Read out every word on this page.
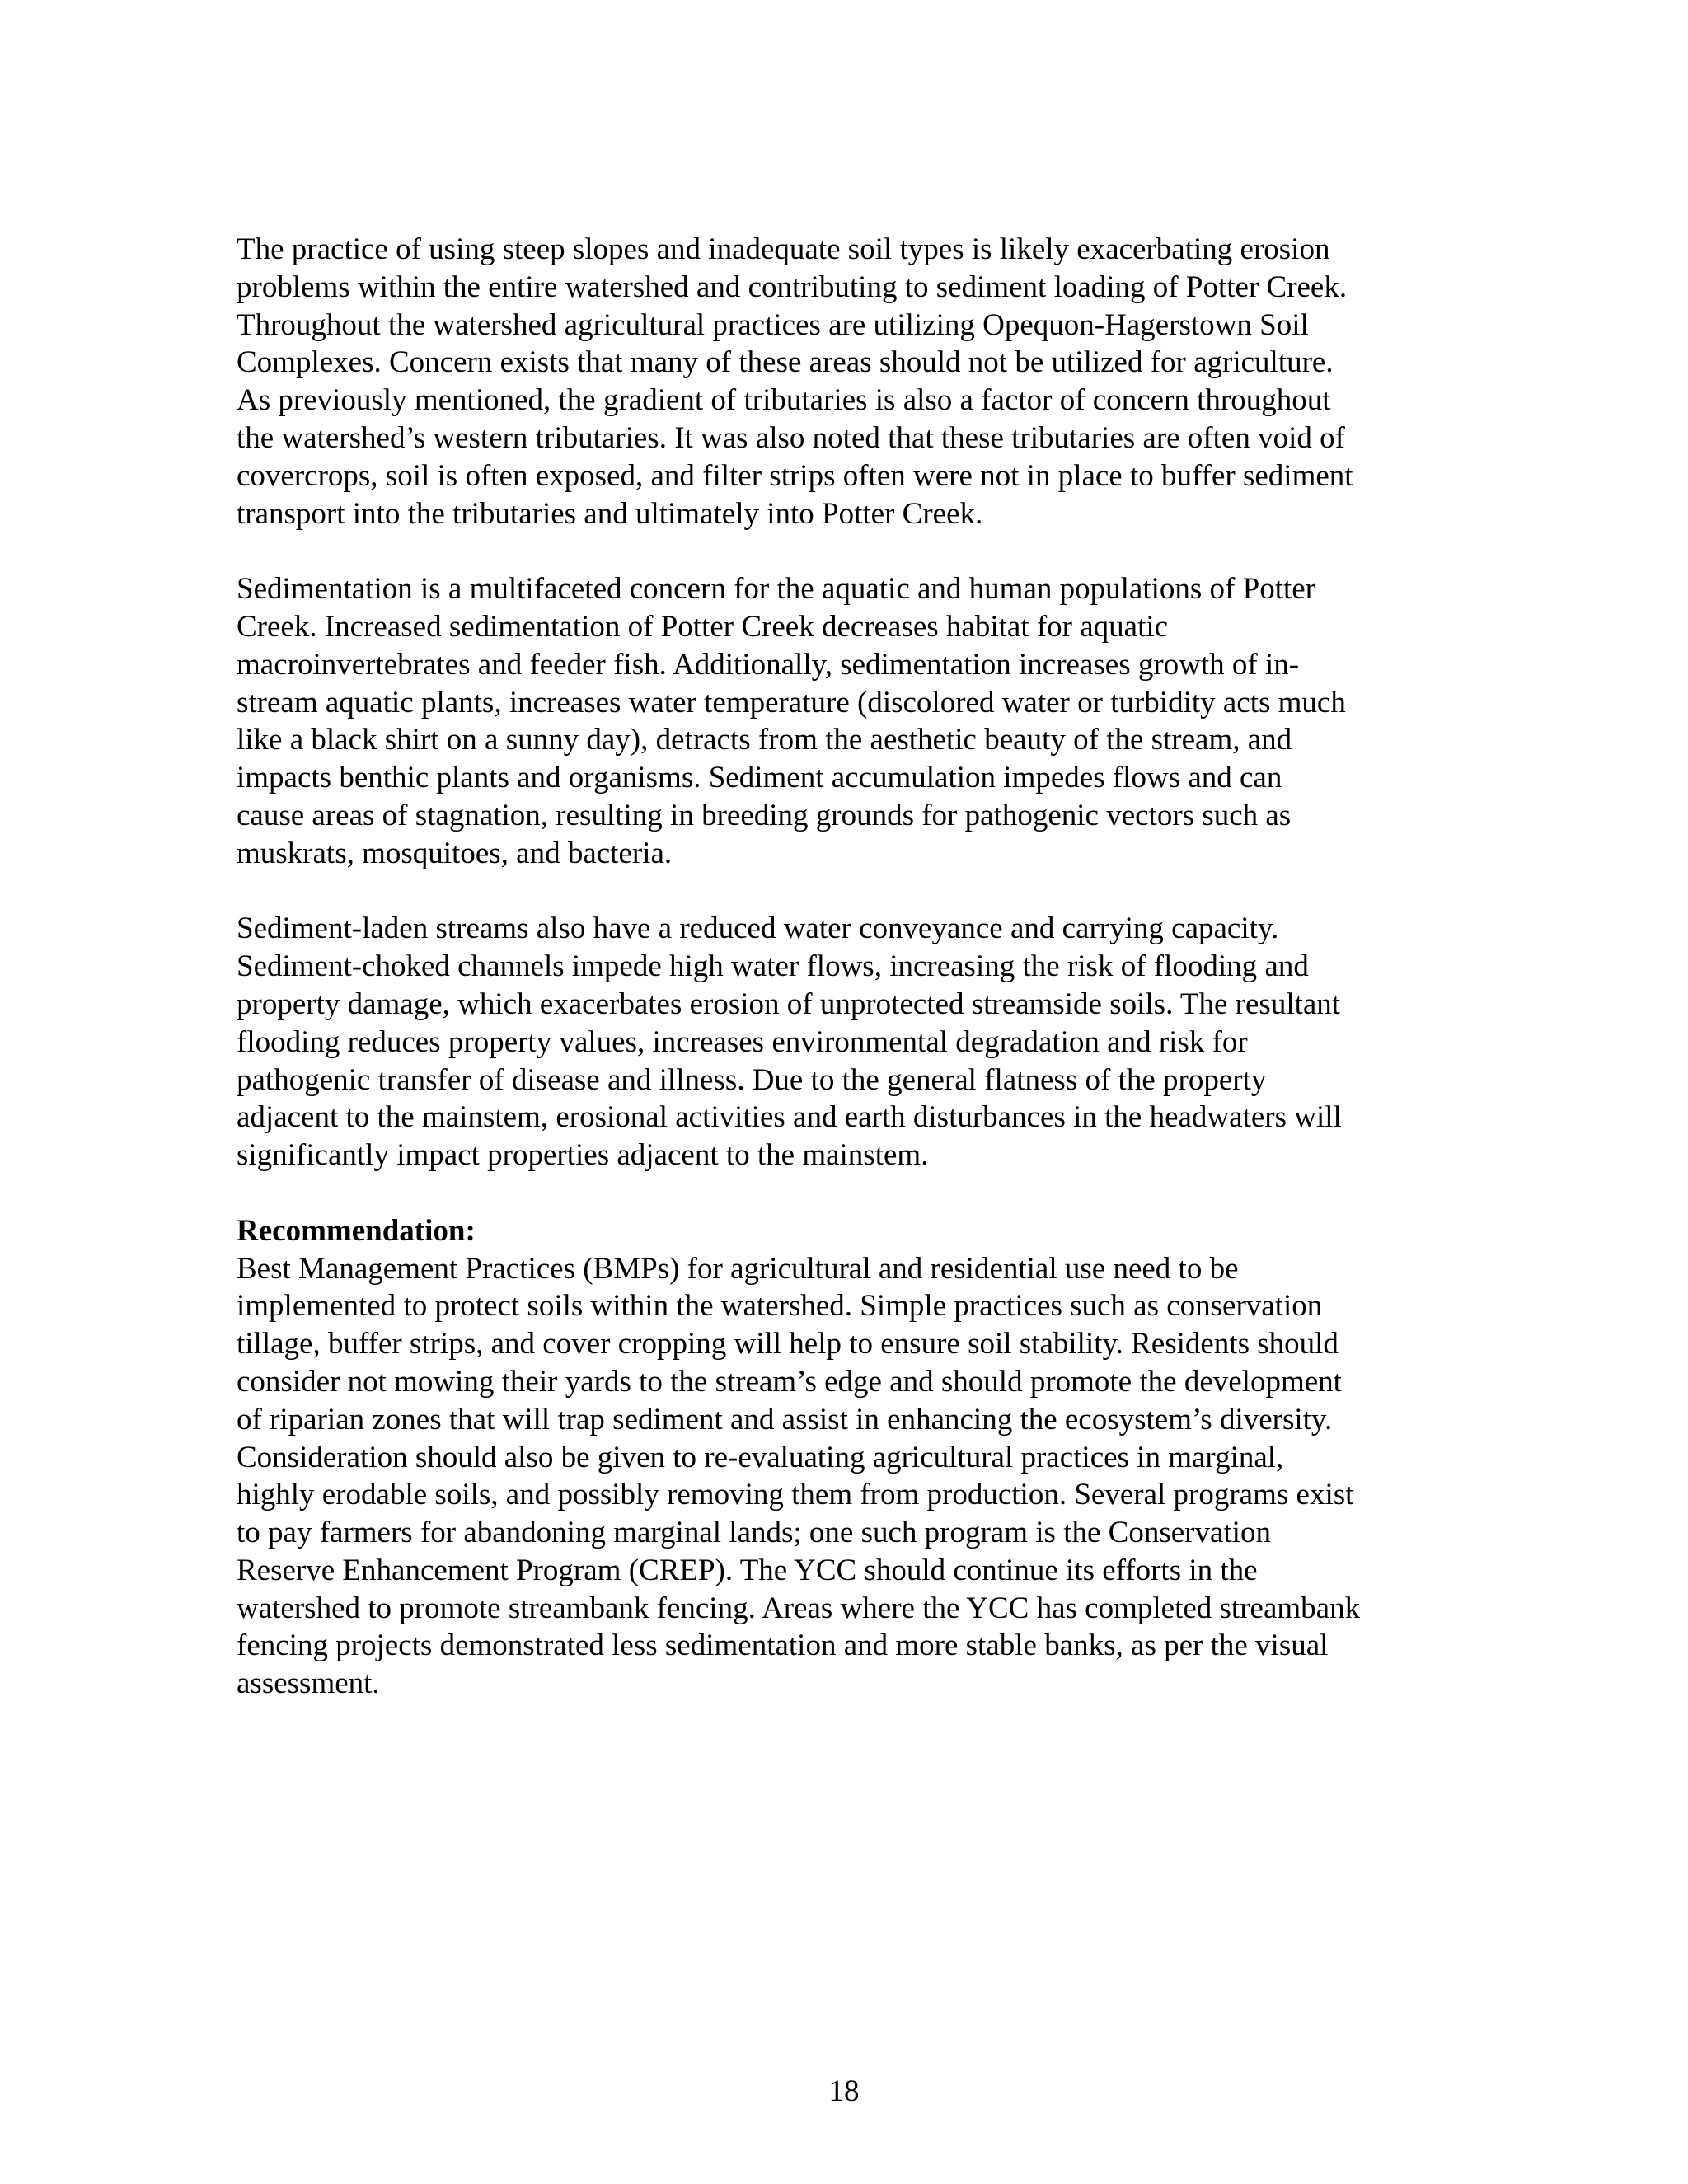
The practice of using steep slopes and inadequate soil types is likely exacerbating erosion
problems within the entire watershed and contributing to sediment loading of Potter Creek.
Throughout the watershed agricultural practices are utilizing Opequon-Hagerstown Soil
Complexes. Concern exists that many of these areas should not be utilized for agriculture.
As previously mentioned, the gradient of tributaries is also a factor of concern throughout
the watershed’s western tributaries. It was also noted that these tributaries are often void of
covercrops, soil is often exposed, and filter strips often were not in place to buffer sediment
transport into the tributaries and ultimately into Potter Creek.
Sedimentation is a multifaceted concern for the aquatic and human populations of Potter
Creek. Increased sedimentation of Potter Creek decreases habitat for aquatic
macroinvertebrates and feeder fish. Additionally, sedimentation increases growth of in-
stream aquatic plants, increases water temperature (discolored water or turbidity acts much
like a black shirt on a sunny day), detracts from the aesthetic beauty of the stream, and
impacts benthic plants and organisms. Sediment accumulation impedes flows and can
cause areas of stagnation, resulting in breeding grounds for pathogenic vectors such as
muskrats, mosquitoes, and bacteria.
Sediment-laden streams also have a reduced water conveyance and carrying capacity.
Sediment-choked channels impede high water flows, increasing the risk of flooding and
property damage, which exacerbates erosion of unprotected streamside soils. The resultant
flooding reduces property values, increases environmental degradation and risk for
pathogenic transfer of disease and illness. Due to the general flatness of the property
adjacent to the mainstem, erosional activities and earth disturbances in the headwaters will
significantly impact properties adjacent to the mainstem.
Recommendation:
Best Management Practices (BMPs) for agricultural and residential use need to be
implemented to protect soils within the watershed. Simple practices such as conservation
tillage, buffer strips, and cover cropping will help to ensure soil stability. Residents should
consider not mowing their yards to the stream’s edge and should promote the development
of riparian zones that will trap sediment and assist in enhancing the ecosystem’s diversity.
Consideration should also be given to re-evaluating agricultural practices in marginal,
highly erodable soils, and possibly removing them from production. Several programs exist
to pay farmers for abandoning marginal lands; one such program is the Conservation
Reserve Enhancement Program (CREP). The YCC should continue its efforts in the
watershed to promote streambank fencing. Areas where the YCC has completed streambank
fencing projects demonstrated less sedimentation and more stable banks, as per the visual
assessment.
18
